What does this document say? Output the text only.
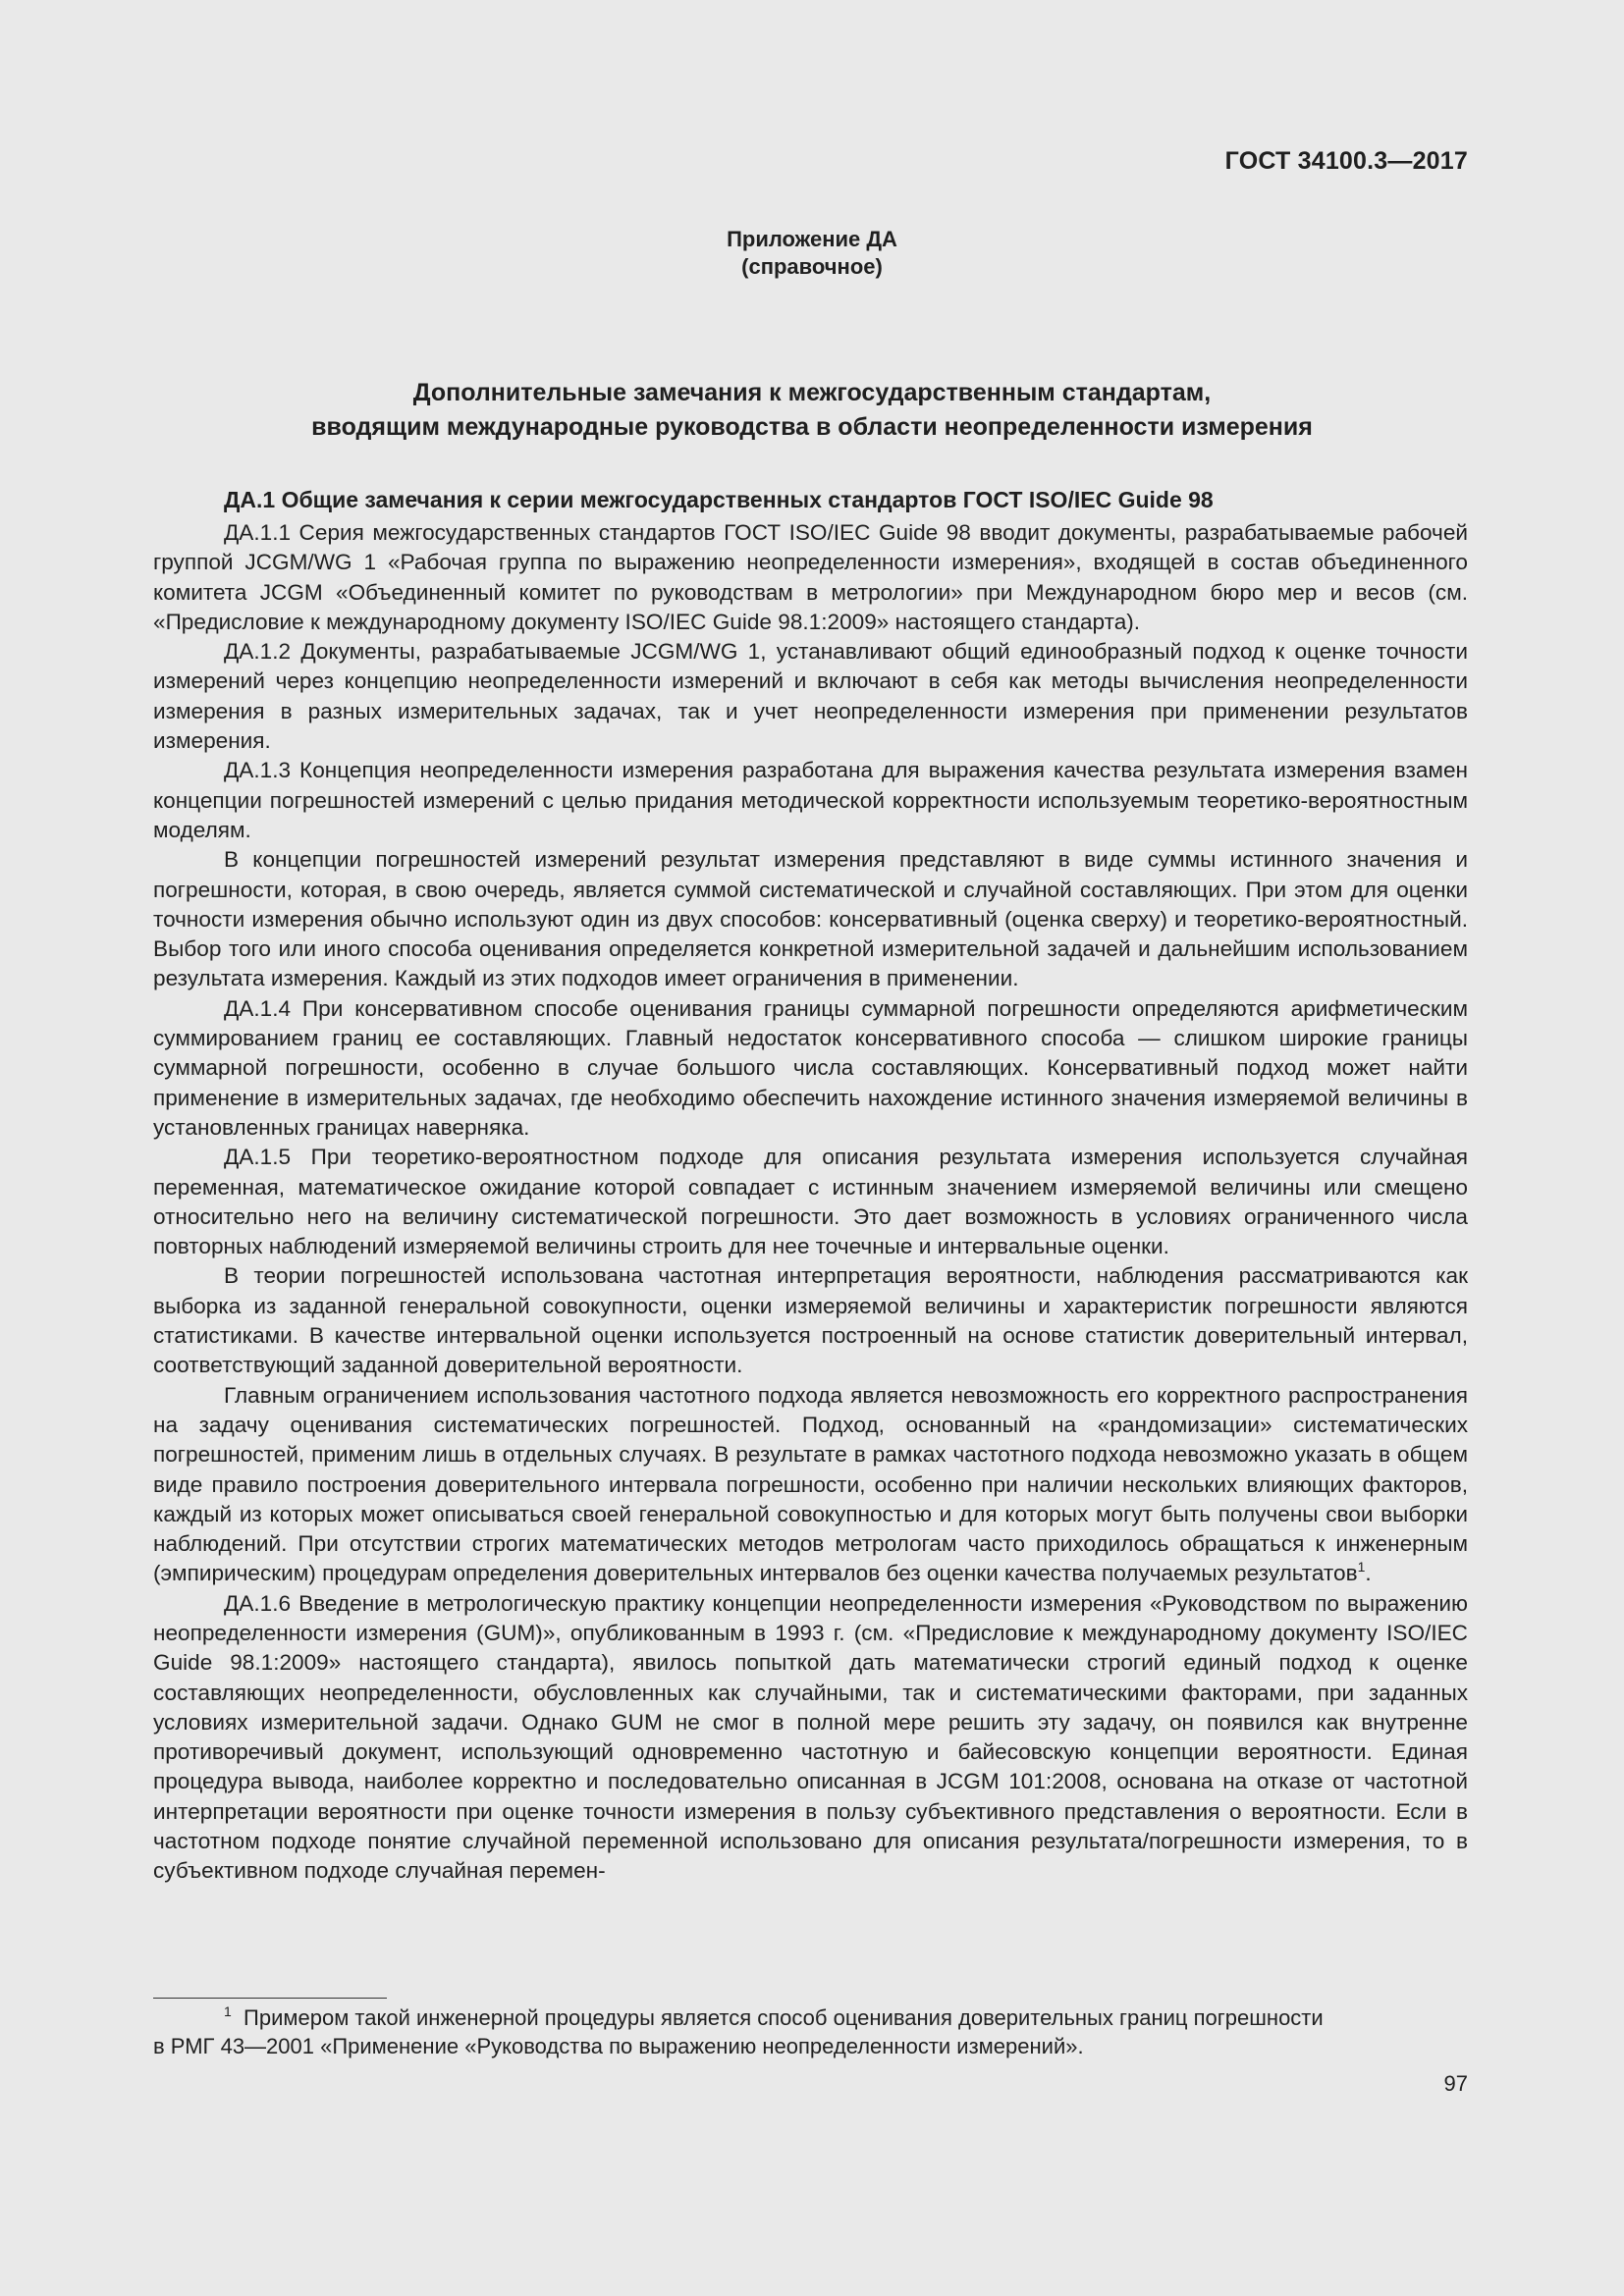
ГОСТ 34100.3—2017
Приложение ДА
(справочное)
Дополнительные замечания к межгосударственным стандартам,
вводящим международные руководства в области неопределенности измерения
ДА.1 Общие замечания к серии межгосударственных стандартов ГОСТ ISO/IEC Guide 98

ДА.1.1 Серия межгосударственных стандартов ГОСТ ISO/IEC Guide 98 вводит документы, разрабатываемые рабочей группой JCGM/WG 1 «Рабочая группа по выражению неопределенности измерения», входящей в состав объединенного комитета JCGM «Объединенный комитет по руководствам в метрологии» при Международном бюро мер и весов (см. «Предисловие к международному документу ISO/IEC Guide 98.1:2009» настоящего стандарта).

ДА.1.2 Документы, разрабатываемые JCGM/WG 1, устанавливают общий единообразный подход к оценке точности измерений через концепцию неопределенности измерений и включают в себя как методы вычисления неопределенности измерения в разных измерительных задачах, так и учет неопределенности измерения при применении результатов измерения.

ДА.1.3 Концепция неопределенности измерения разработана для выражения качества результата измерения взамен концепции погрешностей измерений с целью придания методической корректности используемым теоретико-вероятностным моделям.

В концепции погрешностей измерений результат измерения представляют в виде суммы истинного значения и погрешности, которая, в свою очередь, является суммой систематической и случайной составляющих. При этом для оценки точности измерения обычно используют один из двух способов: консервативный (оценка сверху) и теоретико-вероятностный. Выбор того или иного способа оценивания определяется конкретной измерительной задачей и дальнейшим использованием результата измерения. Каждый из этих подходов имеет ограничения в применении.

ДА.1.4 При консервативном способе оценивания границы суммарной погрешности определяются арифметическим суммированием границ ее составляющих. Главный недостаток консервативного способа — слишком широкие границы суммарной погрешности, особенно в случае большого числа составляющих. Консервативный подход может найти применение в измерительных задачах, где необходимо обеспечить нахождение истинного значения измеряемой величины в установленных границах наверняка.

ДА.1.5 При теоретико-вероятностном подходе для описания результата измерения используется случайная переменная, математическое ожидание которой совпадает с истинным значением измеряемой величины или смещено относительно него на величину систематической погрешности. Это дает возможность в условиях ограниченного числа повторных наблюдений измеряемой величины строить для нее точечные и интервальные оценки.

В теории погрешностей использована частотная интерпретация вероятности, наблюдения рассматриваются как выборка из заданной генеральной совокупности, оценки измеряемой величины и характеристик погрешности являются статистиками. В качестве интервальной оценки используется построенный на основе статистик доверительный интервал, соответствующий заданной доверительной вероятности.

Главным ограничением использования частотного подхода является невозможность его корректного распространения на задачу оценивания систематических погрешностей. Подход, основанный на «рандомизации» систематических погрешностей, применим лишь в отдельных случаях. В результате в рамках частотного подхода невозможно указать в общем виде правило построения доверительного интервала погрешности, особенно при наличии нескольких влияющих факторов, каждый из которых может описываться своей генеральной совокупностью и для которых могут быть получены свои выборки наблюдений. При отсутствии строгих математических методов метрологам часто приходилось обращаться к инженерным (эмпирическим) процедурам определения доверительных интервалов без оценки качества получаемых результатов$^1$.

ДА.1.6 Введение в метрологическую практику концепции неопределенности измерения «Руководством по выражению неопределенности измерения (GUM)», опубликованным в 1993 г. (см. «Предисловие к международному документу ISO/IEC Guide 98.1:2009» настоящего стандарта), явилось попыткой дать математически строгий единый подход к оценке составляющих неопределенности, обусловленных как случайными, так и систематическими факторами, при заданных условиях измерительной задачи. Однако GUM не смог в полной мере решить эту задачу, он появился как внутренне противоречивый документ, использующий одновременно частотную и байесовскую концепции вероятности. Единая процедура вывода, наиболее корректно и последовательно описанная в JCGM 101:2008, основана на отказе от частотной интерпретации вероятности при оценке точности измерения в пользу субъективного представления о вероятности. Если в частотном подходе понятие случайной переменной использовано для описания результата/погрешности измерения, то в субъективном подходе случайная перемен-

$^1$ Примером такой инженерной процедуры является способ оценивания доверительных границ погрешности

в РМГ 43—2001 «Применение «Руководства по выражению неопределенности измерений».
97
